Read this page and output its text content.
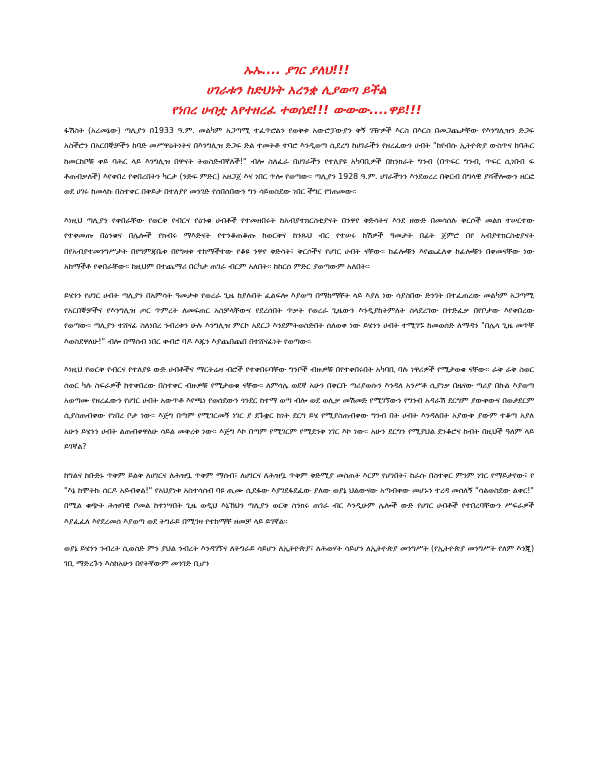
ኡኡ.... ያገር ያለህ!!!
ሀገራቱን ከድህነት አረንቋ ሊያወጣ ይችል
የነበረ ሀብቷ እየተዘረፈ ተወሰደ!!! ውውው....ዋይ!!!

ፋሽስት (አረመኔው) ጣሊያን በ1933 ዓ.ም. መልካም አጋጣሚ ተፈጥሮልን የወቅቱ አውሮፓውያን ቅኝ ገዥዎች እርስ በእርስ በመጋጨታቸው የእንግሊዝን ድጋፍ አስችሮን በአርበኞቻችን ከባድ መሥዋዕትነትና በእንግሊዝ ድጋፍ ድል ተመትቶ ተባሮ እንዲወጣ ሲደረግ ከሀገራችን የዘረፈውን ሀብት "ከየብሱ ኢትዮጵያ ውስጥና ከባሕር ከመርከቦቹ ቀይ ባሕር ላይ እንግሊዝ በዋናት ትወስድብኛለች!" ብሎ ስለፈራ በሀገራችን የተለያዩ አካባቢዎች በከንክራት ግንብ (በጥፍር ግንብ, ጥፍር ሲነቡበ ፍ ቶጠብቃለች) እየቀበረ የቀበረበትን ካርታ (ንድፍ ምድር) አዘጋጀ እና ነበር ጥሎ የወጣው፡፡ ጣሊያን 1928 ዓ.ም. ሀገራችንን እንደወረረ በቅርብ በግላዊ ያሻችሎውን ዘርፎ ወደ ሀገሩ ከመላኩ በስተቀር በቅይታ በተለያየ መንገድ የሰበሰበውን ግን ሳይወስደው ነበር ችግር የገጠመው፡፡

እነዚህ ጣሊያን የቀበራቸው የወርቅ የብርና የዕንቁ ሀብቶች የተመዘበሩት ከአብያተክርስቲያናት በንዋየ ቅድሳትና እንደ ዘውድ በመሳሰሉ ቅርሶች መልክ ተሠርተው የተቀመጡ በዕንቁና በሌሎች የክብሩ ማእድናት የተንቆጠቆጡ ከወርቅና ከንጹህ ብር የተሠሩ ከሽዎች ዓመታት በፊት ጀምሮ በየ አብያተክርስቲያናት በየአብያተመንግሥታት በየግምጃቤቱ በየግዛቱ ተከማችተው የቆዩ ንዋየ ቅድሳት፣ ቅርሶችና የሀገር ሀብት ናቸው፡፡ ከፊሎቹን እየጨፈለቀ ከፊሎቹን በቀመናቸው ነው አከማችቶ የቀበራቸው፡፡ ከዚህም በተጨማሪ በርካታ ጠገራ ብርም አለበት፡፡ ከከርሰ ምድር ያወጣውም አለበት፡፡

ይሄንን የሀገር ሀብት ጣሊያን በአምሳት ዓመታቱ የወረራ ጊዜ ከያሉበት ፈልፍሎ እያወጣ በማከማቸት ላይ እያለ ነው ሳያስበው ድንገት በተፈጠረው መልካም አጋጣሚ የአርበኞቻችና የእንግሊዝ ጦር ጥምረት ለመፍጠር አስቻላቸውና የደረሰበት ጥቃት የወረራ ጊዜውን እንዲያከትምለት ስላደረገው በተድፈቃ በየቦታው እየቀበረው የወጣው፡፡ ጣሊያን ተሸናፊ ስለነበረ ንብረቱን ሁሉ እንግሊዝ ምርኮ አደርጋ እንደምትወስድበት ሰለወቀ ነው ይሄንን ሀብት ተሚገኙ ከመወሰድ ለማዳን "በሌላ ጊዜ መጥቸ እወስደዋለሁ!" ብሎ በማሰብ ነበር ቀብሮ ባዶ እጁን እያጨበጨበ በተሸናፊነት የወጣው፡፡

እነዚህ የወርቅ የብርና የተለያዩ ውድ ሀብቶችና ማርትሬዛ ብሮች የተቀበሩባቸው ግንቦች ብዙዎቹ በየተቀበሩበት አካባቢ ባሉ ነዋሪዎች የሚታወቁ ናቸው፡፡ ራቅ ራቅ ስወር ሰወር ካሉ ስፍራዎች ከተቀበረው በስተቀር ብዙዎቹ የሚታወቁ ናቸው፡፡ ለምሳሌ ወደኛ አሁን በቅርቡ ጣሪያወሱን እንዳለ አንሥቶ ሲያነቃ በዜናው ጣሪያ በኩል እያወጣ አወጣሙ የዘረፈውን የሀገር ሀብት አውጥቶ እየጫነ የወሰደውን ጎንደር ከተማ ወጣ ብሎ ወደ ወሊቃ መሽመድ የሚገኘውን የግንብ አዳራሽ ደርግም ያውቀውና በወታደርም ሲያስጠብቀው የነበረ ቦታ ነው፡፡ እጅግ በጣም የሚገርመኝ ነገር ያ ደጉቋር ከነት ደርግ ይሄ የሚያስጠብቀው ግንብ በት ሀብት እንዳለበት አያውቅ ያውም ተቆጣ አያለ አሁን ይሄንን ሀብት ልጠብቀዋለሁ ሳይል መቅረቱ ነው፡፡ እጅግ እኮ በጣም የሚገርም የሚደንቅ ነገር እኮ ነው፡፡ አሁን ደርግን የሚያህል ደንቆሮና ከብት በዚህች ዓለም ላይ ይገኛል?

ከግልና ከቡድኑ ጥቅም ይልቅ ለሀገርና ለሕዝቧ ጥቅም ማሰብ፣ ለሀገርና ለሕዝቧ ጥቅም ቅድሚያ መስጠት እርም የሆነበት፣ ከራሱ በስተቀር ምንም ነገር የማይታየው፣ የ "እኔ ከሞትኩ ሰርዶ አይብቀል!" የአህያነቱ አስተሳሰብ ባዩ ጢሙ ሲደፋው እያገደፋደፈው ያለው ወያኔ ህልውናው አጣብቀው መሆኑን ተረዳ መሰለኝ "ሳልወስደው ልቀር!" በሚል ቁጭት ሕዝባዊ ቦመል ከተነሣበት ጊዜ ወዲህ እኒኽህን ጣሊያን ወርቅ ስንክሩ ጠገራ ብር እንዲሁም ሌሎች ውድ የሀገር ሀብቶች የተበረባቸውን ሥፍራዎች እያፈፈለ እየደረመሰ እያወጣ ወደ ትግራይ በሚገዛ የተከማቸ ዘመቻ ላይ ይገኛል፡፡

ወያኔ ይሄንን ንብረት ሲወስድ ምን ያህል ንብረት እንዳገኘና ለትግራይ ሳይሆን ለኢትዮጵያ፣ ለሕወሃት ሳይሆን ለኢትዮጵያ መንግሥት (የኢትዮጵያ መንግሥት የለም እንጂ) ገቢ ማድረጉን እስከአሁን በየትኛውም መንገድ ቢሆን
